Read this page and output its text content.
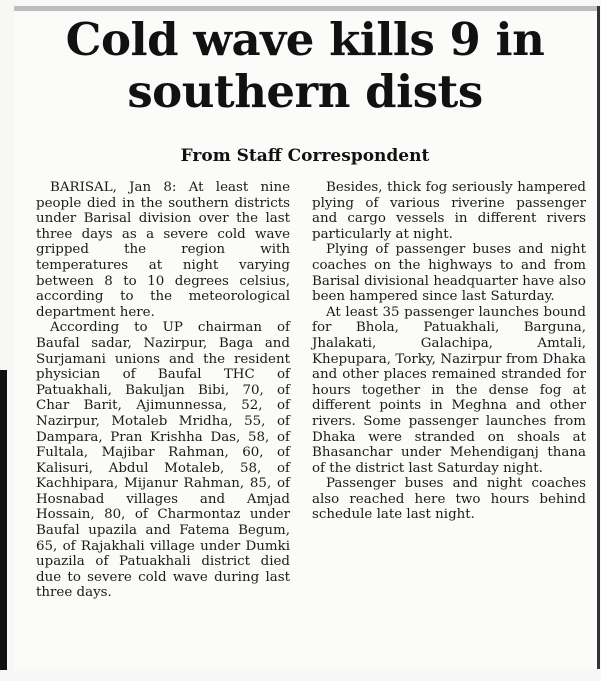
Cold wave kills 9 in southern dists
From Staff Correspondent

BARISAL, Jan 8: At least nine people died in the southern districts under Barisal division over the last three days as a severe cold wave gripped the region with temperatures at night varying between 8 to 10 degrees celsius, according to the meteorological department here.

According to UP chairman of Baufal sadar, Nazirpur, Baga and Surjamani unions and the resident physician of Baufal THC of Patuakhali, Bakuljan Bibi, 70, of Char Barit, Ajimunnessa, 52, of Nazirpur, Motaleb Mridha, 55, of Dampara, Pran Krishha Das, 58, of Fultala, Majibar Rahman, 60, of Kalisuri, Abdul Motaleb, 58, of Kachhipara, Mijanur Rahman, 85, of Hosnabad villages and Amjad Hossain, 80, of Charmontaz under Baufal upazila and Fatema Begum, 65, of Rajakhali village under Dumki upazila of Patuakhali district died due to severe cold wave during last three days.

Besides, thick fog seriously hampered plying of various riverine passenger and cargo vessels in different rivers particularly at night.

Plying of passenger buses and night coaches on the highways to and from Barisal divisional headquarter have also been hampered since last Saturday.

At least 35 passenger launches bound for Bhola, Patuakhali, Barguna, Jhalakati, Galachipa, Amtali, Khepupara, Torky, Nazirpur from Dhaka and other places remained stranded for hours together in the dense fog at different points in Meghna and other rivers. Some passenger launches from Dhaka were stranded on shoals at Bhasanchar under Mehendiganj thana of the district last Saturday night.

Passenger buses and night coaches also reached here two hours behind schedule late last night.
